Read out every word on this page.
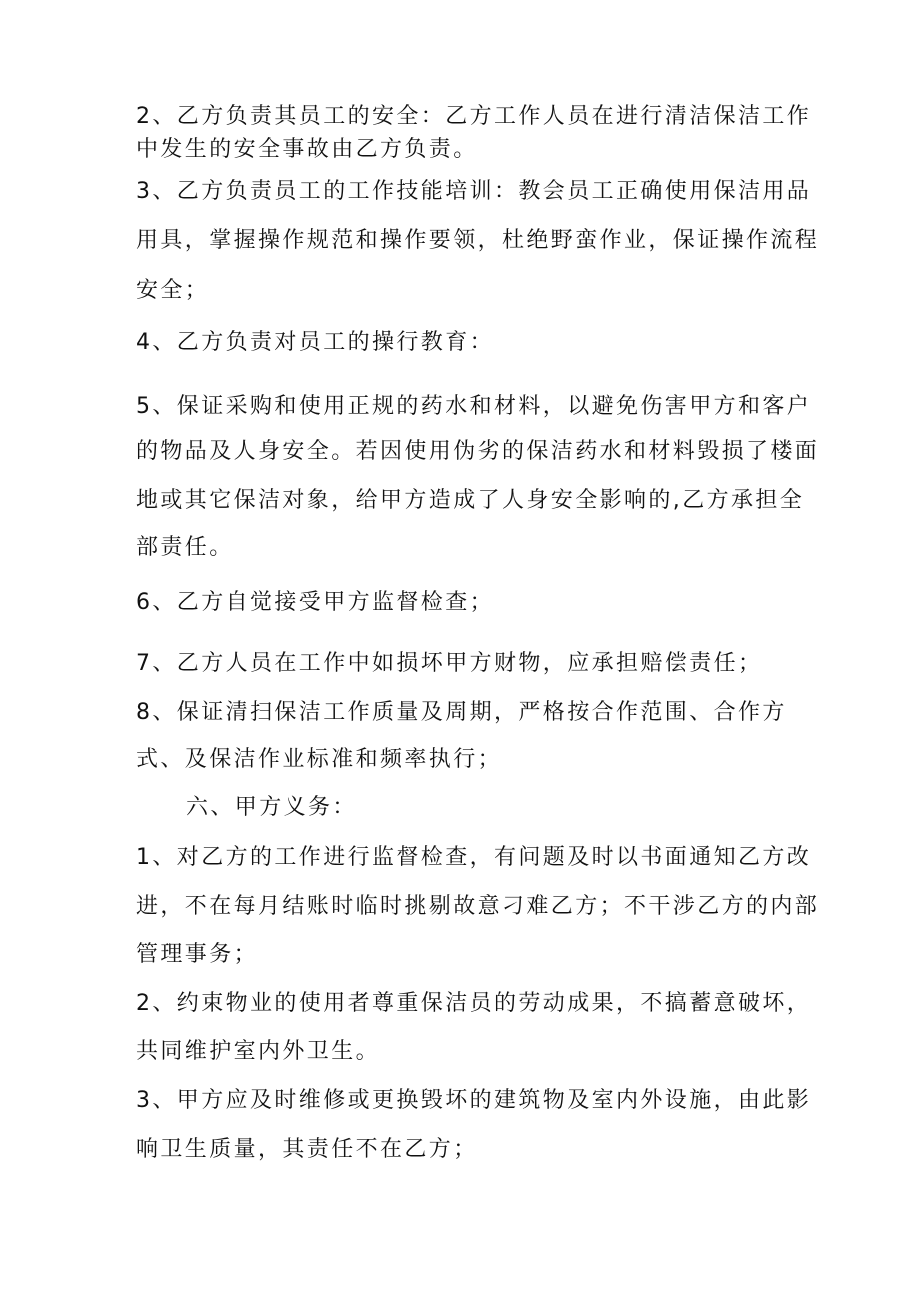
2、乙方负责其员工的安全：乙方工作人员在进行清洁保洁工作
中发生的安全事故由乙方负责。
3、乙方负责员工的工作技能培训：教会员工正确使用保洁用品
用具，掌握操作规范和操作要领，杜绝野蛮作业，保证操作流程
安全；
4、乙方负责对员工的操行教育：
5、保证采购和使用正规的药水和材料，以避免伤害甲方和客户
的物品及人身安全。若因使用伪劣的保洁药水和材料毁损了楼面
地或其它保洁对象，给甲方造成了人身安全影响的,乙方承担全
部责任。
6、乙方自觉接受甲方监督检查；
7、乙方人员在工作中如损坏甲方财物，应承担赔偿责任；
8、保证清扫保洁工作质量及周期，严格按合作范围、合作方
式、及保洁作业标准和频率执行；
六、甲方义务：
1、对乙方的工作进行监督检查，有问题及时以书面通知乙方改
进，不在每月结账时临时挑剔故意刁难乙方；不干涉乙方的内部
管理事务；
2、约束物业的使用者尊重保洁员的劳动成果，不搞蓄意破坏，
共同维护室内外卫生。
3、甲方应及时维修或更换毁坏的建筑物及室内外设施，由此影
响卫生质量，其责任不在乙方；
